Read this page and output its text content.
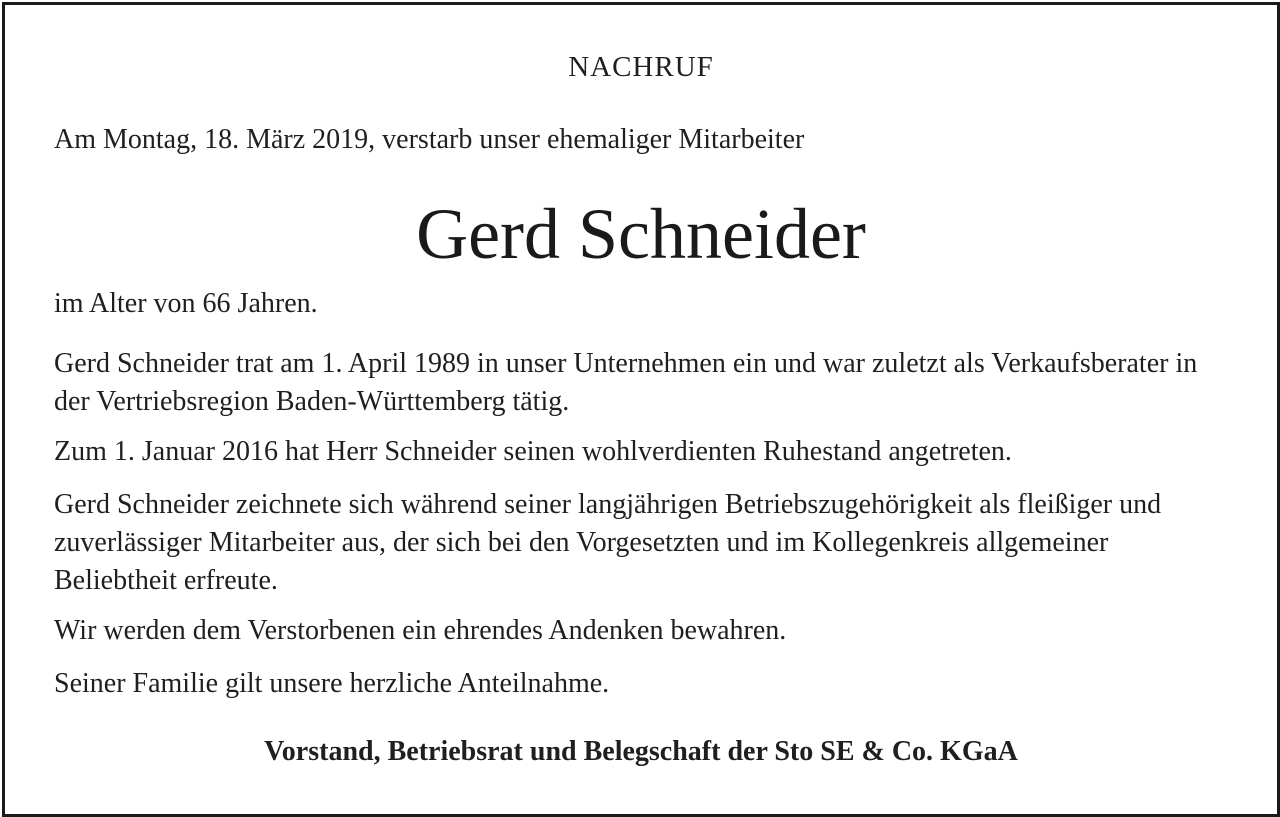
NACHRUF
Am Montag, 18. März 2019, verstarb unser ehemaliger Mitarbeiter
Gerd Schneider
im Alter von 66 Jahren.
Gerd Schneider trat am 1. April 1989 in unser Unternehmen ein und war zuletzt als Verkaufsberater in der Vertriebsregion Baden-Württemberg tätig.
Zum 1. Januar 2016 hat Herr Schneider seinen wohlverdienten Ruhestand angetreten.
Gerd Schneider zeichnete sich während seiner langjährigen Betriebszugehörigkeit als fleißiger und zuverlässiger Mitarbeiter aus, der sich bei den Vorgesetzten und im Kollegenkreis allgemeiner Beliebtheit erfreute.
Wir werden dem Verstorbenen ein ehrendes Andenken bewahren.
Seiner Familie gilt unsere herzliche Anteilnahme.
Vorstand, Betriebsrat und Belegschaft der Sto SE & Co. KGaA
